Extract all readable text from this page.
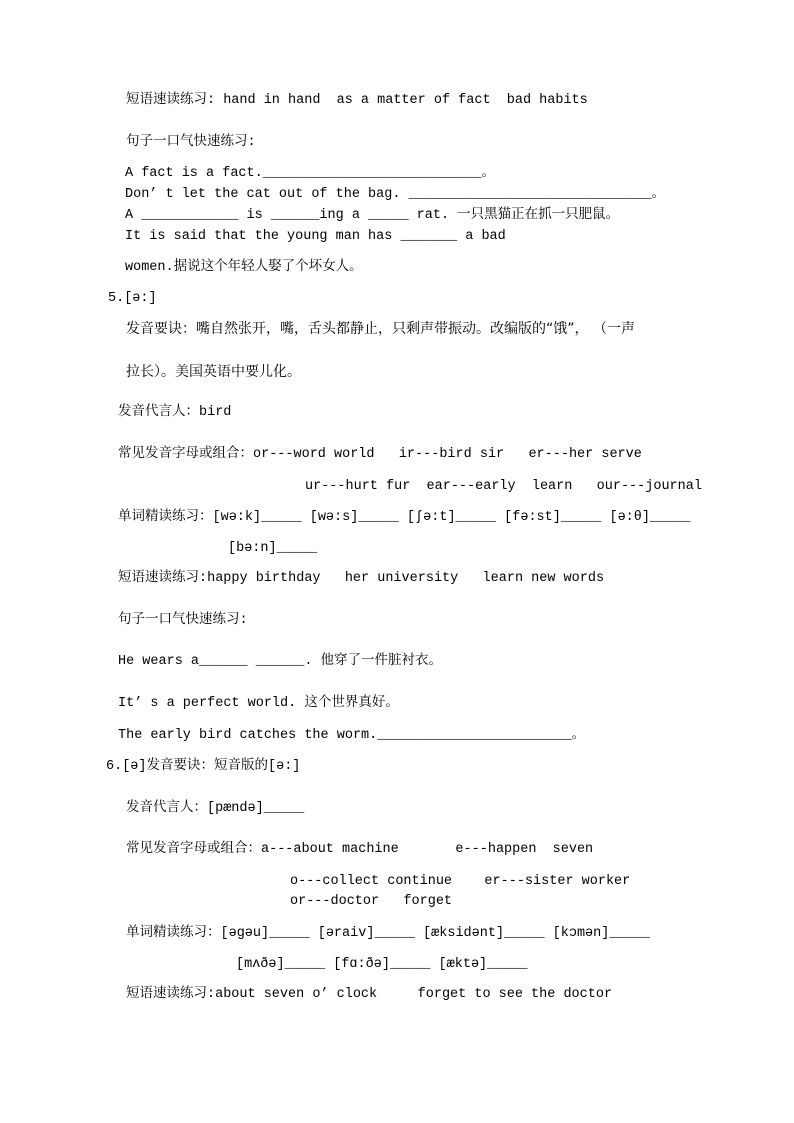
短语速读练习: hand in hand  as a matter of fact  bad habits
句子一口气快速练习:
A fact is a fact.___________________________。
Don’ t let the cat out of the bag. ______________________________。
A ____________ is ______ing a _____ rat. 一只黑猫正在抓一只肥鼠。
It is said that the young man has _______ a bad
women.据说这个年轻人娶了个坏女人。
5.[ə:]
发音要诀：嘴自然张开，嘴，舌头都静止，只剩声带振动。改编版的“饿”， （一声
拉长）。美国英语中要儿化。
发音代言人：bird
常见发音字母或组合：or---word world   ir---bird sir   er---her serve
ur---hurt fur  ear---early  learn   our---journal
单词精读练习：[wə:k]_____ [wə:s]_____ [ʃə:t]_____ [fə:st]_____ [ə:θ]_____
[bə:n]_____
短语速读练习:happy birthday   her university   learn new words
句子一口气快速练习:
He wears a______ ______. 他穿了一件脏衬衣。
It’ s a perfect world. 这个世界真好。
The early bird catches the worm.________________________。
6.[ə]发音要诀：短音版的[ə:]
发音代言人：[pændə]_____
常见发音字母或组合：a---about machine       e---happen  seven
o---collect continue    er---sister worker
or---doctor   forget
单词精读练习：[əgəu]_____ [əraiv]_____ [æksidənt]_____ [kɔmən]_____
[mʌðə]_____ [fɑ:ðə]_____ [æktə]_____
短语速读练习:about seven o’ clock     forget to see the doctor
